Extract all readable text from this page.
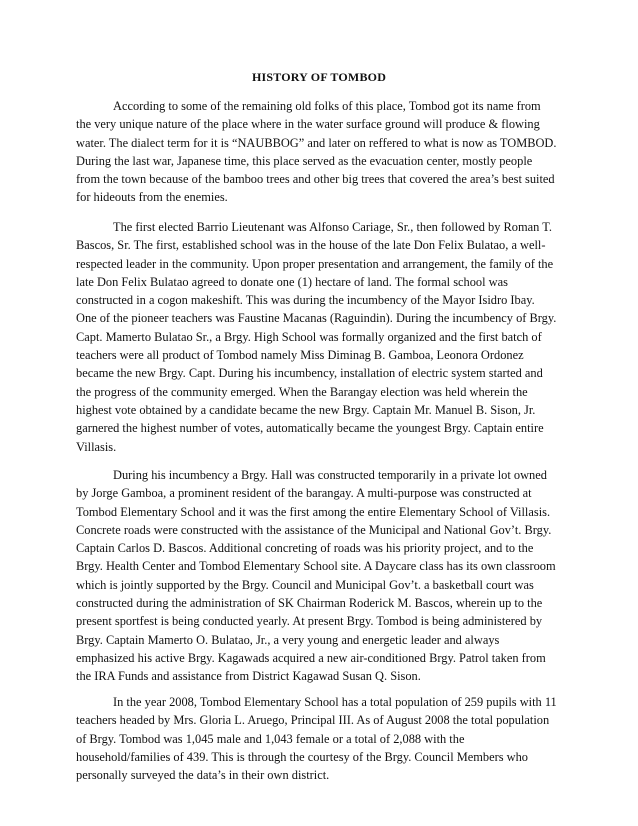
HISTORY OF TOMBOD

According to some of the remaining old folks of this place, Tombod got its name from
the very unique nature of the place where in the water surface ground will produce & flowing
water. The dialect term for it is “NAUBBOG” and later on reffered to what is now as TOMBOD.
During the last war, Japanese time, this place served as the evacuation center, mostly people
from the town because of the bamboo trees and other big trees that covered the area’s best suited
for hideouts from the enemies.

The first elected Barrio Lieutenant was Alfonso Cariage, Sr., then followed by Roman T.
Bascos, Sr. The first, established school was in the house of the late Don Felix Bulatao, a well-
respected leader in the community. Upon proper presentation and arrangement, the family of the
late Don Felix Bulatao agreed to donate one (1) hectare of land. The formal school was
constructed in a cogon makeshift. This was during the incumbency of the Mayor Isidro Ibay.
One of the pioneer teachers was Faustine Macanas (Raguindin). During the incumbency of Brgy.
Capt. Mamerto Bulatao Sr., a Brgy. High School was formally organized and the first batch of
teachers were all product of Tombod namely Miss Diminag B. Gamboa, Leonora Ordonez
became the new Brgy. Capt. During his incumbency, installation of electric system started and
the progress of the community emerged. When the Barangay election was held wherein the
highest vote obtained by a candidate became the new Brgy. Captain Mr. Manuel B. Sison, Jr.
garnered the highest number of votes, automatically became the youngest Brgy. Captain entire
Villasis.

During his incumbency a Brgy. Hall was constructed temporarily in a private lot owned
by Jorge Gamboa, a prominent resident of the barangay. A multi-purpose was constructed at
Tombod Elementary School and it was the first among the entire Elementary School of Villasis.
Concrete roads were constructed with the assistance of the Municipal and National Gov’t. Brgy.
Captain Carlos D. Bascos. Additional concreting of roads was his priority project, and to the
Brgy. Health Center and Tombod Elementary School site. A Daycare class has its own classroom
which is jointly supported by the Brgy. Council and Municipal Gov’t. a basketball court was
constructed during the administration of SK Chairman Roderick M. Bascos, wherein up to the
present sportfest is being conducted yearly. At present Brgy. Tombod is being administered by
Brgy. Captain Mamerto O. Bulatao, Jr., a very young and energetic leader and always
emphasized his active Brgy. Kagawads acquired a new air-conditioned Brgy. Patrol taken from
the IRA Funds and assistance from District Kagawad Susan Q. Sison.

In the year 2008, Tombod Elementary School has a total population of 259 pupils with 11
teachers headed by Mrs. Gloria L. Aruego, Principal III. As of August 2008 the total population
of Brgy. Tombod was 1,045 male and 1,043 female or a total of 2,088 with the
household/families of 439. This is through the courtesy of the Brgy. Council Members who
personally surveyed the data’s in their own district.
